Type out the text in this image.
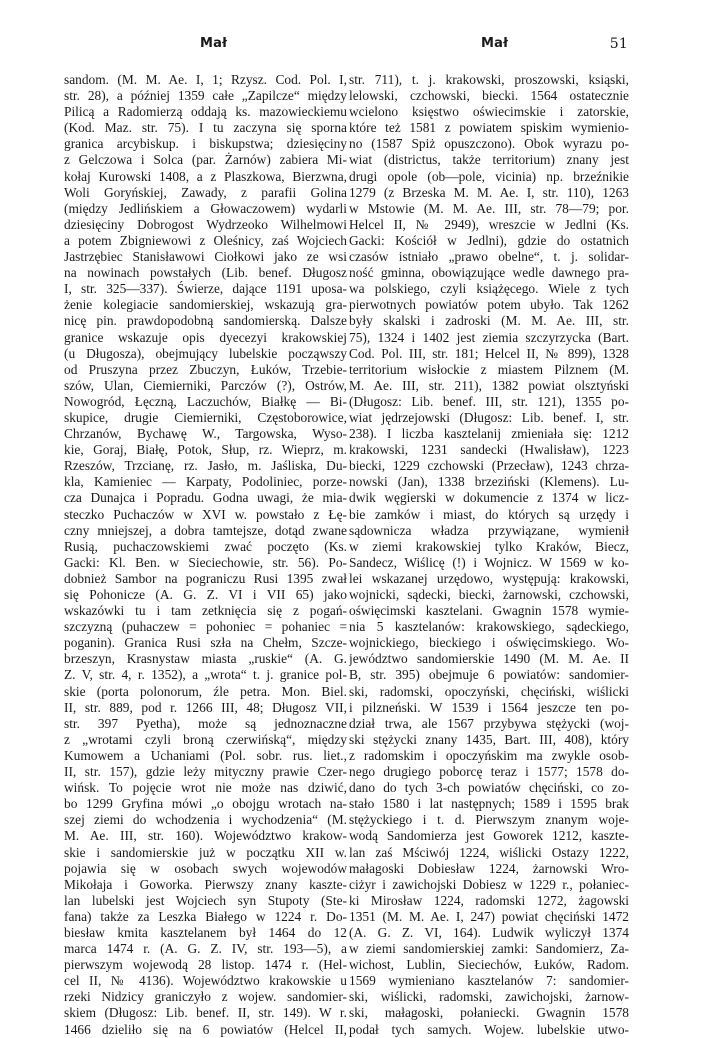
Mał	Mał	51
sandom. (M. M. Ae. I, 1; Rzysz. Cod. Pol. I,
str. 28), a później 1359 całe „Zapilcze“ między
Pilicą a Radomierzą oddają ks. mazowieckiemu
(Kod. Maz. str. 75). I tu zaczyna się sporna
granica arcybiskup. i biskupstwa; dziesięciny
z Gelczowa i Solca (par. Żarnów) zabiera Mi-
kołaj Kurowski 1408, a z Plaszkowa, Bierzwna,
Woli Goryńskiej, Zawady, z parafii Golina
(między Jedlińskiem a Głowaczowem) wydarli
dziesięciny Dobrogost Wydrzeoko Wilhelmowi
a potem Zbigniewowi z Oleśnicy, zaś Wojciech
Jastrzębiec Stanisławowi Ciołkowi jako ze wsi
na nowinach powstałych (Lib. benef. Długosz
I, str. 325—337). Świerze, dające 1191 uposa-
żenie kolegiacie sandomierskiej, wskazują gra-
nicę pin. prawdopodobną sandomierską. Dalsze
granice wskazuje opis dyecezyi krakowskiej
(u Długosza), obejmujący lubelskie począwszy
od Pruszyna przez Zbuczyn, Łuków, Trzebie-
szów, Ulan, Ciemierniki, Parczów (?), Ostrów,
Nowogród, Łęczną, Laczuchów, Białkę — Bi-
skupice, drugie Ciemierniki, Częstoborowice,
Chrzanów, Bychawę W., Targowska, Wyso-
kie, Goraj, Białę, Potok, Słup, rz. Wieprz, m.
Rzeszów, Trzcianę, rz. Jasło, m. Jaśliska, Du-
kla, Kamieniec — Karpaty, Podoliniec, porze-
cza Dunajca i Popradu. Godna uwagi, że mia-
steczko Puchaczów w XVI w. powstało z Łę-
czny mniejszej, a dobra tamtejsze, dotąd zwane
Rusią, puchaczowskiemi zwać poczęto (Ks.
Gacki: Kl. Ben. w Sieciechowie, str. 56). Po-
dobnież Sambor na pograniczu Rusi 1395 zwał
się Pohonicze (A. G. Z. VI i VII 65) jako
wskazówki tu i tam zetknięcia się z pogań-
szczyzną (puhaczew = pohoniec = pohaniec =
poganin). Granica Rusi szła na Chełm, Szcze-
brzeszyn, Krasnystaw miasta „ruskie“ (A. G.
Z. V, str. 4, r. 1352), a „wrota“ t. j. granice pol-
skie (porta polonorum, źle petra. Mon. Biel.
II, str. 889, pod r. 1266 III, 48; Długosz VII,
str. 397 Pyetha), może są jednoznaczne
z „wrotami czyli broną czerwińską“, między
Kumowem a Uchaniami (Pol. sobr. rus. liet.,
II, str. 157), gdzie leży mityczny prawie Czer-
wińsk. To pojęcie wrot nie może nas dziwić,
bo 1299 Gryfina mówi „o obojgu wrotach na-
szej ziemi do wchodzenia i wychodzenia“ (M.
M. Ae. III, str. 160). Województwo krakow-
skie i sandomierskie już w początku XII w.
pojawia się w osobach swych wojewodów
Mikołaja i Goworka. Pierwszy znany kaszte-
lan lubelski jest Wojciech syn Stupoty (Ste-
fana) także za Leszka Białego w 1224 r. Do-
biesław kmita kasztelanem był 1464 do 12
marca 1474 r. (A. G. Z. IV, str. 193—5), a
pierwszym wojewodą 28 listop. 1474 r. (Hel-
cel II, № 4136). Województwo krakowskie u
rzeki Nidzicy graniczyło z wojew. sandomier-
skiem (Długosz: Lib. benef. II, str. 149). W r.
1466 dzieliło się na 6 powiatów (Helcel II,
str. 711), t. j. krakowski, proszowski, ksiąski,
lelowski, czchowski, biecki. 1564 ostatecznie
wcielono księstwo oświecimskie i zatorskie,
które też 1581 z powiatem spiskim wymienio-
no (1587 Spiż opuszczono). Obok wyrazu po-
wiat (districtus, także territorium) znany jest
drugi opole (ob—pole, vicinia) np. brzeźnikie
1279 (z Brzeska M. M. Ae. I, str. 110), 1263
w Mstowie (M. M. Ae. III, str. 78—79; por.
Helcel II, № 2949), wreszcie w Jedlni (Ks.
Gacki: Kościół w Jedlni), gdzie do ostatnich
czasów istniało „prawo obelne“, t. j. solidar-
ność gminna, obowiązujące wedle dawnego pra-
wa polskiego, czyli książęcego. Wiele z tych
pierwotnych powiatów potem ubyło. Tak 1262
były skalski i zadroski (M. M. Ae. III, str.
75), 1324 i 1402 jest ziemia szczyrzycka (Bart.
Cod. Pol. III, str. 181; Helcel II, № 899), 1328
territorium wisłockie z miastem Pilznem (M.
M. Ae. III, str. 211), 1382 powiat olsztyński
(Długosz: Lib. benef. III, str. 121), 1355 po-
wiat jędrzejowski (Długosz: Lib. benef. I, str.
238). I liczba kasztelanij zmieniała się: 1212
krakowski, 1231 sandecki (Hwalisław), 1223
biecki, 1229 czchowski (Przecław), 1243 chrza-
nowski (Jan), 1338 brzeziński (Klemens). Lu-
dwik węgierski w dokumencie z 1374 w licz-
bie zamków i miast, do których są urzędy i
sądownicza władza przywiązane, wymienił
w ziemi krakowskiej tylko Kraków, Biecz,
Sandecz, Wiślicę (!) i Wojnicz. W 1569 w ko-
lei wskazanej urzędowo, występują: krakowski,
wojnicki, sądecki, biecki, żarnowski, czchowski,
oświęcimski kasztelani. Gwagnin 1578 wymie-
nia 5 kasztelanów: krakowskiego, sądeckiego,
wojnickiego, bieckiego i oświęcimskiego. Wo-
jewództwo sandomierskie 1490 (M. M. Ae. II
B, str. 395) obejmuje 6 powiatów: sandomier-
ski, radomski, opoczyński, chęciński, wiślicki
i pilzneński. W 1539 i 1564 jeszcze ten po-
dział trwa, ale 1567 przybywa stężycki (woj-
ski stężycki znany 1435, Bart. III, 408), który
z radomskim i opoczyńskim ma zwykle osob-
nego drugiego poborcę teraz i 1577; 1578 do-
dano do tych 3-ch powiatów chęciński, co zo-
stało 1580 i lat następnych; 1589 i 1595 brak
stężyckiego i t. d. Pierwszym znanym woje-
wodą Sandomierza jest Goworek 1212, kaszte-
lan zaś Mściwój 1224, wiślicki Ostazy 1222,
małagoski Dobiesław 1224, żarnowski Wro-
ciżyr i zawichojski Dobiesz w 1229 r., połaniec-
ki Mirosław 1224, radomski 1272, żagowski
1351 (M. M. Ae. I, 247) powiat chęciński 1472
(A. G. Z. VI, 164). Ludwik wyliczył 1374
w ziemi sandomierskiej zamki: Sandomierz, Za-
wichost, Lublin, Sieciechów, Łuków, Radom.
1569 wymieniano kasztelanów 7: sandomier-
ski, wiślicki, radomski, zawichojski, żarnow-
ski, małagoski, połaniecki. Gwagnin 1578
podał tych samych. Wojew. lubelskie utwo-
